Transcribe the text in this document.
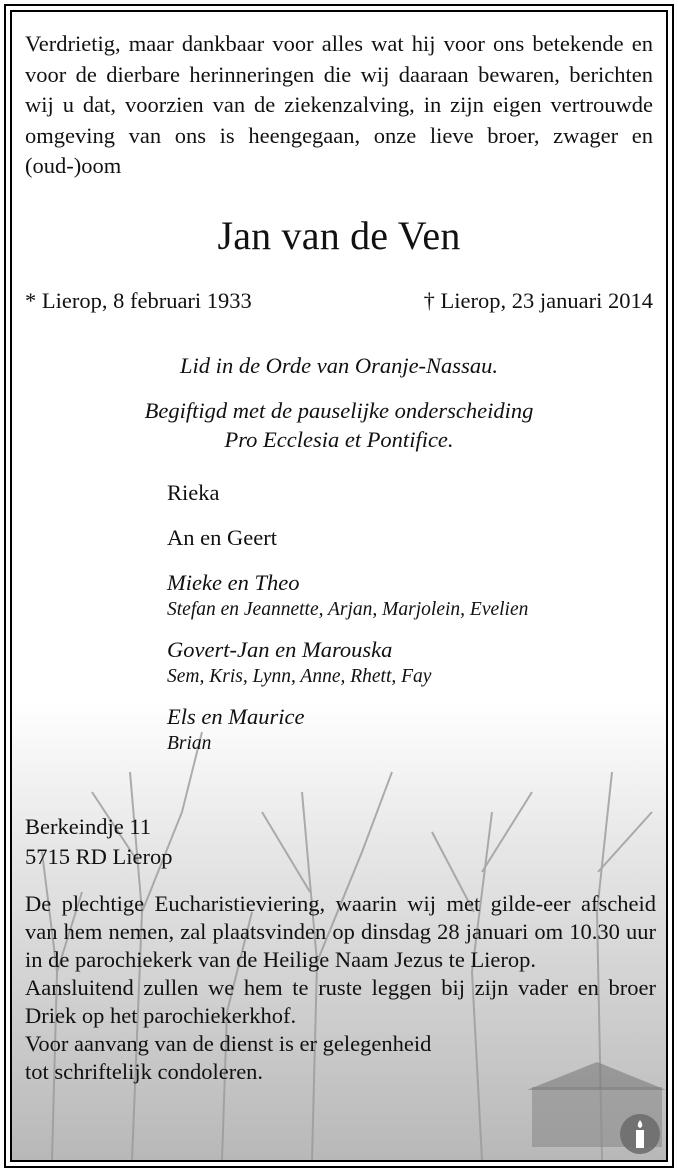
Verdrietig, maar dankbaar voor alles wat hij voor ons betekende en voor de dierbare herinneringen die wij daaraan bewaren, berichten wij u dat, voorzien van de ziekenzalving, in zijn eigen vertrouwde omgeving van ons is heengegaan, onze lieve broer, zwager en (oud-)oom
Jan van de Ven
* Lierop, 8 februari 1933	† Lierop, 23 januari 2014
Lid in de Orde van Oranje-Nassau.
Begiftigd met de pauselijke onderscheiding
Pro Ecclesia et Pontifice.
Rieka
An en Geert
Mieke en Theo
Stefan en Jeannette, Arjan, Marjolein, Evelien
Govert-Jan en Marouska
Sem, Kris, Lynn, Anne, Rhett, Fay
Els en Maurice
Brian
Berkeindje 11
5715 RD Lierop

De plechtige Eucharistieviering, waarin wij met gilde-eer afscheid van hem nemen, zal plaatsvinden op dinsdag 28 januari om 10.30 uur in de parochiekerk van de Heilige Naam Jezus te Lierop.

Aansluitend zullen we hem te ruste leggen bij zijn vader en broer Driek op het parochiekerkhof.

Voor aanvang van de dienst is er gelegenheid

tot schriftelijk condoleren.
